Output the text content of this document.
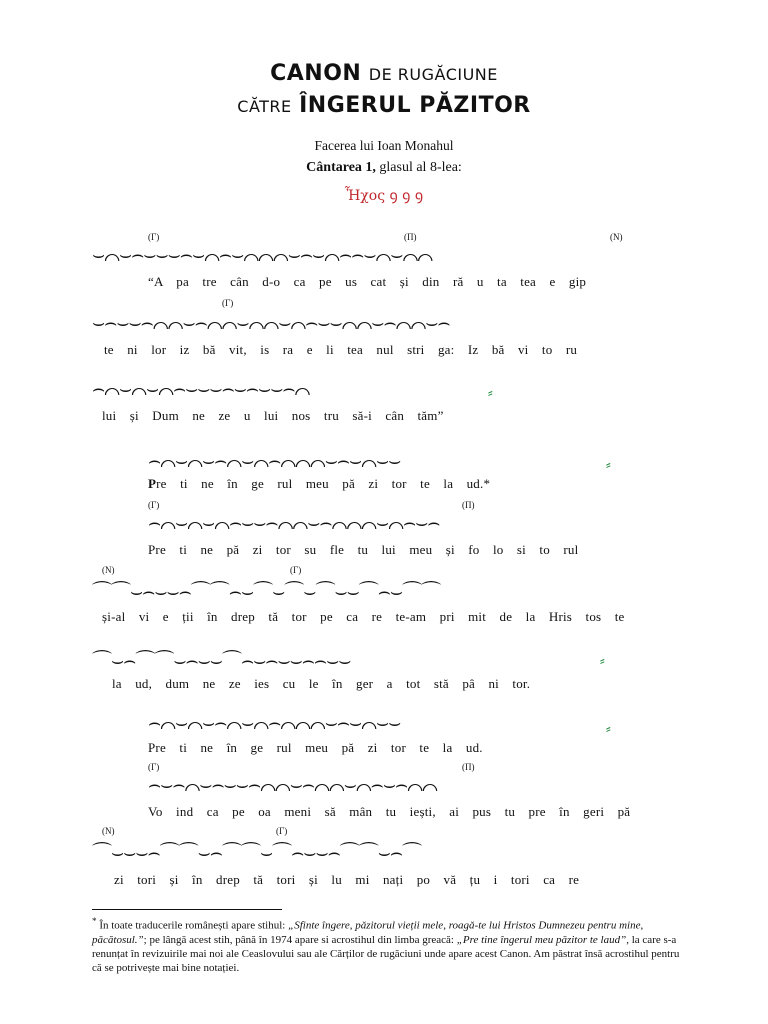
CANON DE RUGĂCIUNE
CĂTRE ÎNGERUL PĂZITOR
Facerea lui Ioan Monahul
Cântarea 1, glasul al 8-lea:
Ἦχος ꝯ ꝯ ꝯ
(Γ)	(Π)	(N)
⌣⌒⌣⌢⌣⌣⌣⌢⌣⌒⌢⌣⌒⌒⌒⌣⌢⌣⌒⌢⌢⌣⌒⌣⌒⌒
“A pa tre cân d-o ca pe us cat și din ră u ta tea e gip
(Γ)
⌣⌢⌣⌣⌢⌒⌒⌣⌢⌒⌒⌣⌒⌒⌣⌒⌢⌣⌣⌒⌒⌣⌢⌒⌒⌣⌢
te ni lor iz bă vit, is ra e li tea nul stri ga: Iz bă vi to ru
⌢⌒⌣⌒⌣⌒⌢⌣⌣⌣⌢⌣⌢⌣⌣⌢⌒
lui și Dum ne ze u lui nos tru să-i cân tăm”
⸗
⌢⌒⌣⌒⌣⌢⌒⌣⌒⌢⌒⌒⌒⌣⌢⌣⌒⌣⌣
Pre ti ne în ge rul meu pă zi tor te la ud.*
⸗
(Γ)	(Π)
⌢⌒⌣⌒⌣⌒⌢⌣⌣⌢⌒⌒⌣⌢⌒⌒⌒⌣⌒⌢⌣⌢
Pre ti ne pă zi tor su fle tu lui meu și fo lo si to rul
(N)	(Γ)
⌒⌒⌣⌢⌣⌣⌢⌒⌒⌢⌣⌒⌣⌒⌣⌒⌣⌣⌒⌢⌣⌒⌒
și-al vi e ții în drep tă tor pe ca re te-am pri mit de la Hris tos te
⌒⌣⌢⌒⌒⌣⌢⌣⌣⌒⌢⌣⌢⌣⌣⌢⌢⌣⌣
la ud, dum ne ze ies cu le în ger a tot stă pâ ni tor.
⸗
⌢⌒⌣⌒⌣⌢⌒⌣⌒⌢⌒⌒⌒⌣⌢⌣⌒⌣⌣
Pre ti ne în ge rul meu pă zi tor te la ud.
⸗
(Γ)	(Π)
⌢⌣⌢⌒⌣⌢⌣⌣⌢⌒⌒⌣⌢⌒⌒⌣⌒⌢⌣⌢⌒⌒
Vo ind ca pe oa meni să mân tu iești, ai pus tu pre în geri pă
(N)	(Γ)
⌒⌣⌣⌣⌢⌒⌒⌣⌢⌒⌒⌣⌒⌢⌣⌣⌢⌒⌒⌣⌢⌒
zi tori și în drep tă tori și lu mi nați po vă țu i tori ca re
* În toate traducerile românești apare stihul: „Sfinte îngere, păzitorul vieții mele, roagă-te lui Hristos Dumnezeu pentru mine, păcătosul.”; pe lângă acest stih, până în 1974 apare si acrostihul din limba greacă: „Pre tine îngerul meu păzitor te laud”, la care s-a renunțat în revizuirile mai noi ale Ceaslovului sau ale Cărților de rugăciuni unde apare acest Canon. Am păstrat însă acrostihul pentru că se potrivește mai bine notației.
